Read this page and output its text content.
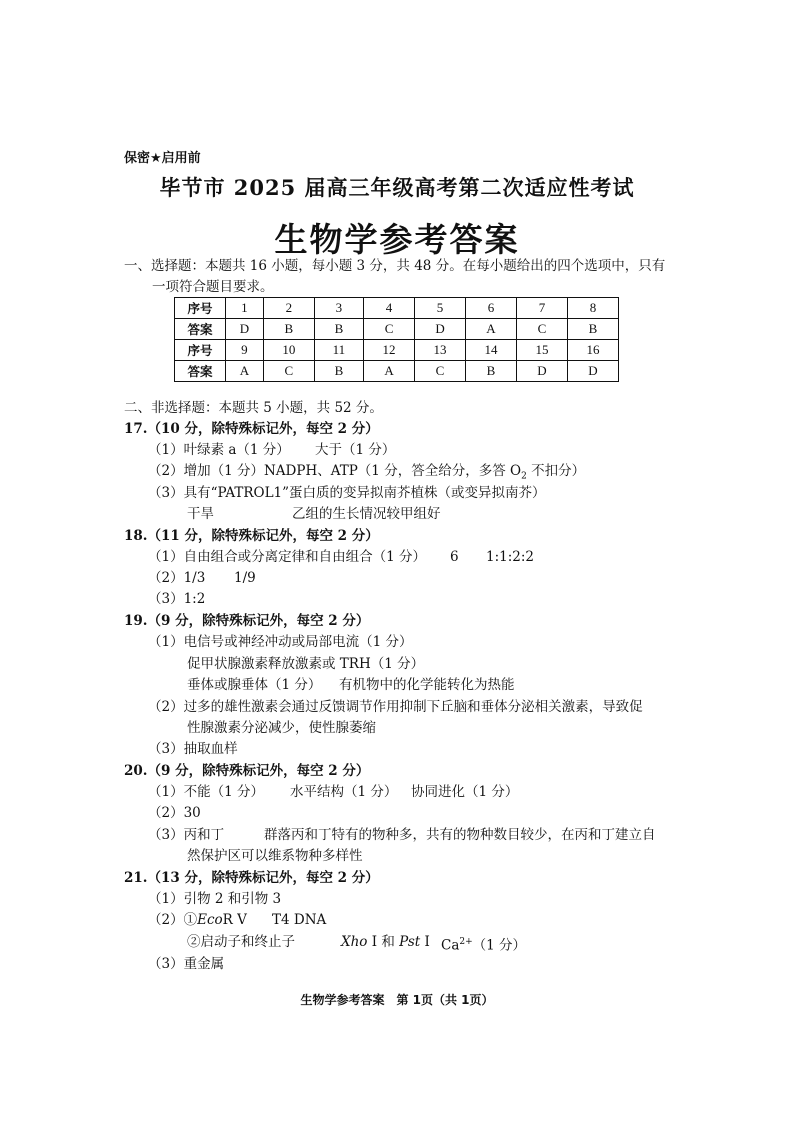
保密★启用前
毕节市 2025 届高三年级高考第二次适应性考试
生物学参考答案
一、选择题：本题共 16 小题，每小题 3 分，共 48 分。在每小题给出的四个选项中，只有
一项符合题目要求。
序号	1	2	3	4	5	6	7	8
答案	D	B	B	C	D	A	C	B
序号	9	10	11	12	13	14	15	16
答案	A	C	B	A	C	B	D	D
二、非选择题：本题共 5 小题，共 52 分。
17.（10 分，除特殊标记外，每空 2 分）
（1）叶绿素 a（1 分） 大于（1 分）
（2）增加（1 分）NADPH、ATP（1 分，答全给分，多答 $O_2$ 不扣分）
（3）具有“PATROL1”蛋白质的变异拟南芥植株（或变异拟南芥）
干旱	乙组的生长情况较甲组好
18.（11 分，除特殊标记外，每空 2 分）
（1）自由组合或分离定律和自由组合（1 分） 6 1:1:2:2
（2）1/3 1/9
（3）1:2
19.（9 分，除特殊标记外，每空 2 分）
（1）电信号或神经冲动或局部电流（1 分）
促甲状腺激素释放激素或 TRH（1 分）
垂体或腺垂体（1 分） 有机物中的化学能转化为热能
（2）过多的雄性激素会通过反馈调节作用抑制下丘脑和垂体分泌相关激素，导致促
性腺激素分泌减少，使性腺萎缩
（3）抽取血样
20.（9 分，除特殊标记外，每空 2 分）
（1）不能（1 分） 水平结构（1 分） 协同进化（1 分）
（2）30
（3）丙和丁	群落丙和丁特有的物种多，共有的物种数目较少，在丙和丁建立自
然保护区可以维系物种多样性
21.（13 分，除特殊标记外，每空 2 分）
（1）引物 2 和引物 3
（2）①EcoR V T4 DNA
②启动子和终止子	Xho I 和 Pst I $Ca^{2+}(1$ 分）
（3）重金属
生物学参考答案　第 1页（共 1页）
